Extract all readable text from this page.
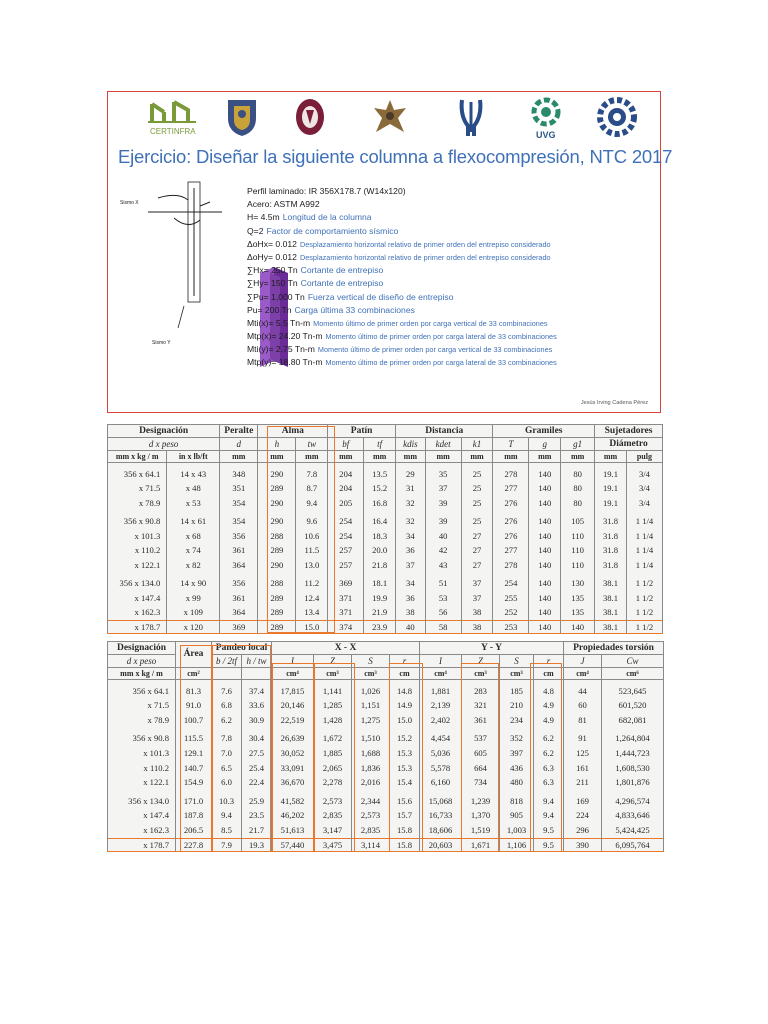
CERTINFRA	UVG
Ejercicio: Diseñar la siguiente columna a flexocompresión, NTC 2017
Sismo X
Sismo Y
Perfil laminado: IR 356X178.7 (W14x120)
Acero: ASTM A992
H= 4.5m Longitud de la columna
Q=2 Factor de comportamiento sísmico
ΔoHx= 0.012 Desplazamiento horizontal relativo de primer orden del entrepiso considerado
ΔoHy= 0.012 Desplazamiento horizontal relativo de primer orden del entrepiso considerado
∑Hx= 250 Tn Cortante de entrepiso
∑Hy= 150 Tn Cortante de entrepiso
∑Pu= 1,000 Tn Fuerza vertical de diseño de entrepiso
Pu= 200 Tn Carga última 33 combinaciones
Mti(x)= 5.5 Tn-m Momento último de primer orden por carga vertical de 33 combinaciones
Mtp(x)= 24.20 Tn-m Momento último de primer orden por carga lateral de 33 combinaciones
Mti(y)= 2.75 Tn-m Momento último de primer orden por carga vertical de 33 combinaciones
Mtp(y)= 18.80 Tn-m Momento último de primer orden por carga lateral de 33 combinaciones
Jesús Irving Cadena Pérez
Designación		Peralte	Alma		Patín		Distancia			Gramiles			Sujetadores	
d x peso		d	h	tw	bf	tf	kdis	kdet	k1	T	g	g1	Diámetro	
mm x kg / m	in x lb/ft	mm	mm	mm	mm	mm	mm	mm	mm	mm	mm	mm	mm	pulg

356 x 64.1	14 x 43	348	290	7.8	204	13.5	29	35	25	278	140	80	19.1	3/4
x 71.5	x 48	351	289	8.7	204	15.2	31	37	25	277	140	80	19.1	3/4
x 78.9	x 53	354	290	9.4	205	16.8	32	39	25	276	140	80	19.1	3/4

356 x 90.8	14 x 61	354	290	9.6	254	16.4	32	39	25	276	140	105	31.8	1 1/4
x 101.3	x 68	356	288	10.6	254	18.3	34	40	27	276	140	110	31.8	1 1/4
x 110.2	x 74	361	289	11.5	257	20.0	36	42	27	277	140	110	31.8	1 1/4
x 122.1	x 82	364	290	13.0	257	21.8	37	43	27	278	140	110	31.8	1 1/4

356 x 134.0	14 x 90	356	288	11.2	369	18.1	34	51	37	254	140	130	38.1	1 1/2
x 147.4	x 99	361	289	12.4	371	19.9	36	53	37	255	140	135	38.1	1 1/2
x 162.3	x 109	364	289	13.4	371	21.9	38	56	38	252	140	135	38.1	1 1/2
x 178.7	x 120	369	289	15.0	374	23.9	40	58	38	253	140	140	38.1	1 1/2
Designación	Área	Pandeo local		X - X				Y - Y				Propiedades torsión	
d x peso		b / 2tf	h / tw	I	Z	S	r	I	Z	S	r	J	Cw
mm x kg / m	cm²			cm⁴	cm³	cm³	cm	cm⁴	cm³	cm³	cm	cm⁴	cm⁶

356 x 64.1	81.3	7.6	37.4	17,815	1,141	1,026	14.8	1,881	283	185	4.8	44	523,645
x 71.5	91.0	6.8	33.6	20,146	1,285	1,151	14.9	2,139	321	210	4.9	60	601,520
x 78.9	100.7	6.2	30.9	22,519	1,428	1,275	15.0	2,402	361	234	4.9	81	682,081

356 x 90.8	115.5	7.8	30.4	26,639	1,672	1,510	15.2	4,454	537	352	6.2	91	1,264,804
x 101.3	129.1	7.0	27.5	30,052	1,885	1,688	15.3	5,036	605	397	6.2	125	1,444,723
x 110.2	140.7	6.5	25.4	33,091	2,065	1,836	15.3	5,578	664	436	6.3	161	1,608,530
x 122.1	154.9	6.0	22.4	36,670	2,278	2,016	15.4	6,160	734	480	6.3	211	1,801,876

356 x 134.0	171.0	10.3	25.9	41,582	2,573	2,344	15.6	15,068	1,239	818	9.4	169	4,296,574
x 147.4	187.8	9.4	23.5	46,202	2,835	2,573	15.7	16,733	1,370	905	9.4	224	4,833,646
x 162.3	206.5	8.5	21.7	51,613	3,147	2,835	15.8	18,606	1,519	1,003	9.5	296	5,424,425
x 178.7	227.8	7.9	19.3	57,440	3,475	3,114	15.8	20,603	1,671	1,106	9.5	390	6,095,764
